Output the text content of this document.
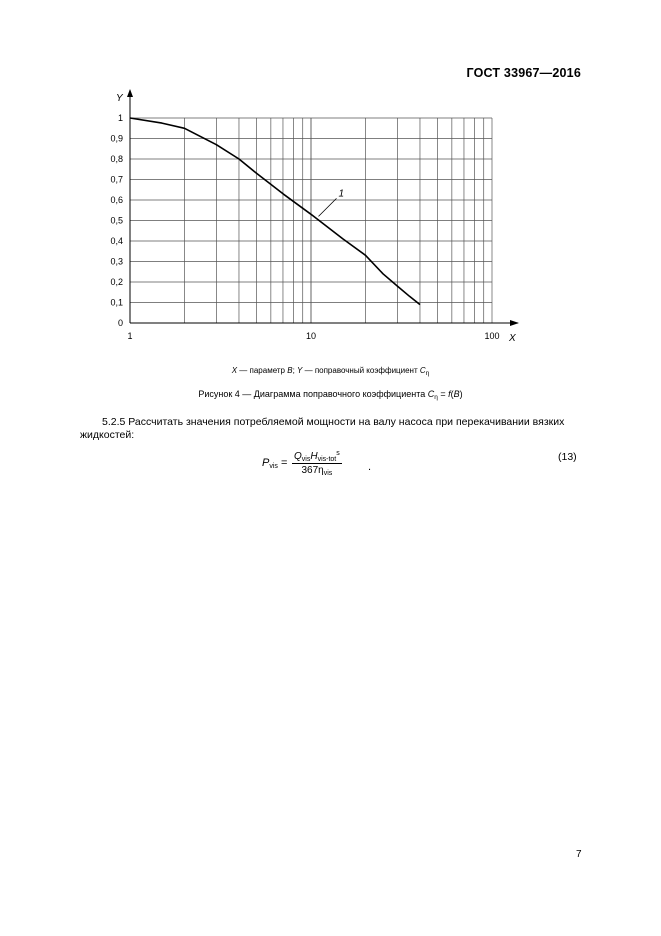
ГОСТ 33967—2016
0
0,1
0,2
0,3
0,4
0,5
0,6
0,7
0,8
0,9
1
1	10	100
Y
X
1
X — параметр B; Y — поправочный коэффициент $C_\eta$
Рисунок 4 — Диаграмма поправочного коэффициента $C_\eta = f(B)$
5.2.5 Рассчитать значения потребляемой мощности на валу насоса при перекачивании вязких жидкостей:
Pvis =
$Q_{vis}H_{vis-tot}^s$
$367\eta_{vis}$
.
(13)
7
